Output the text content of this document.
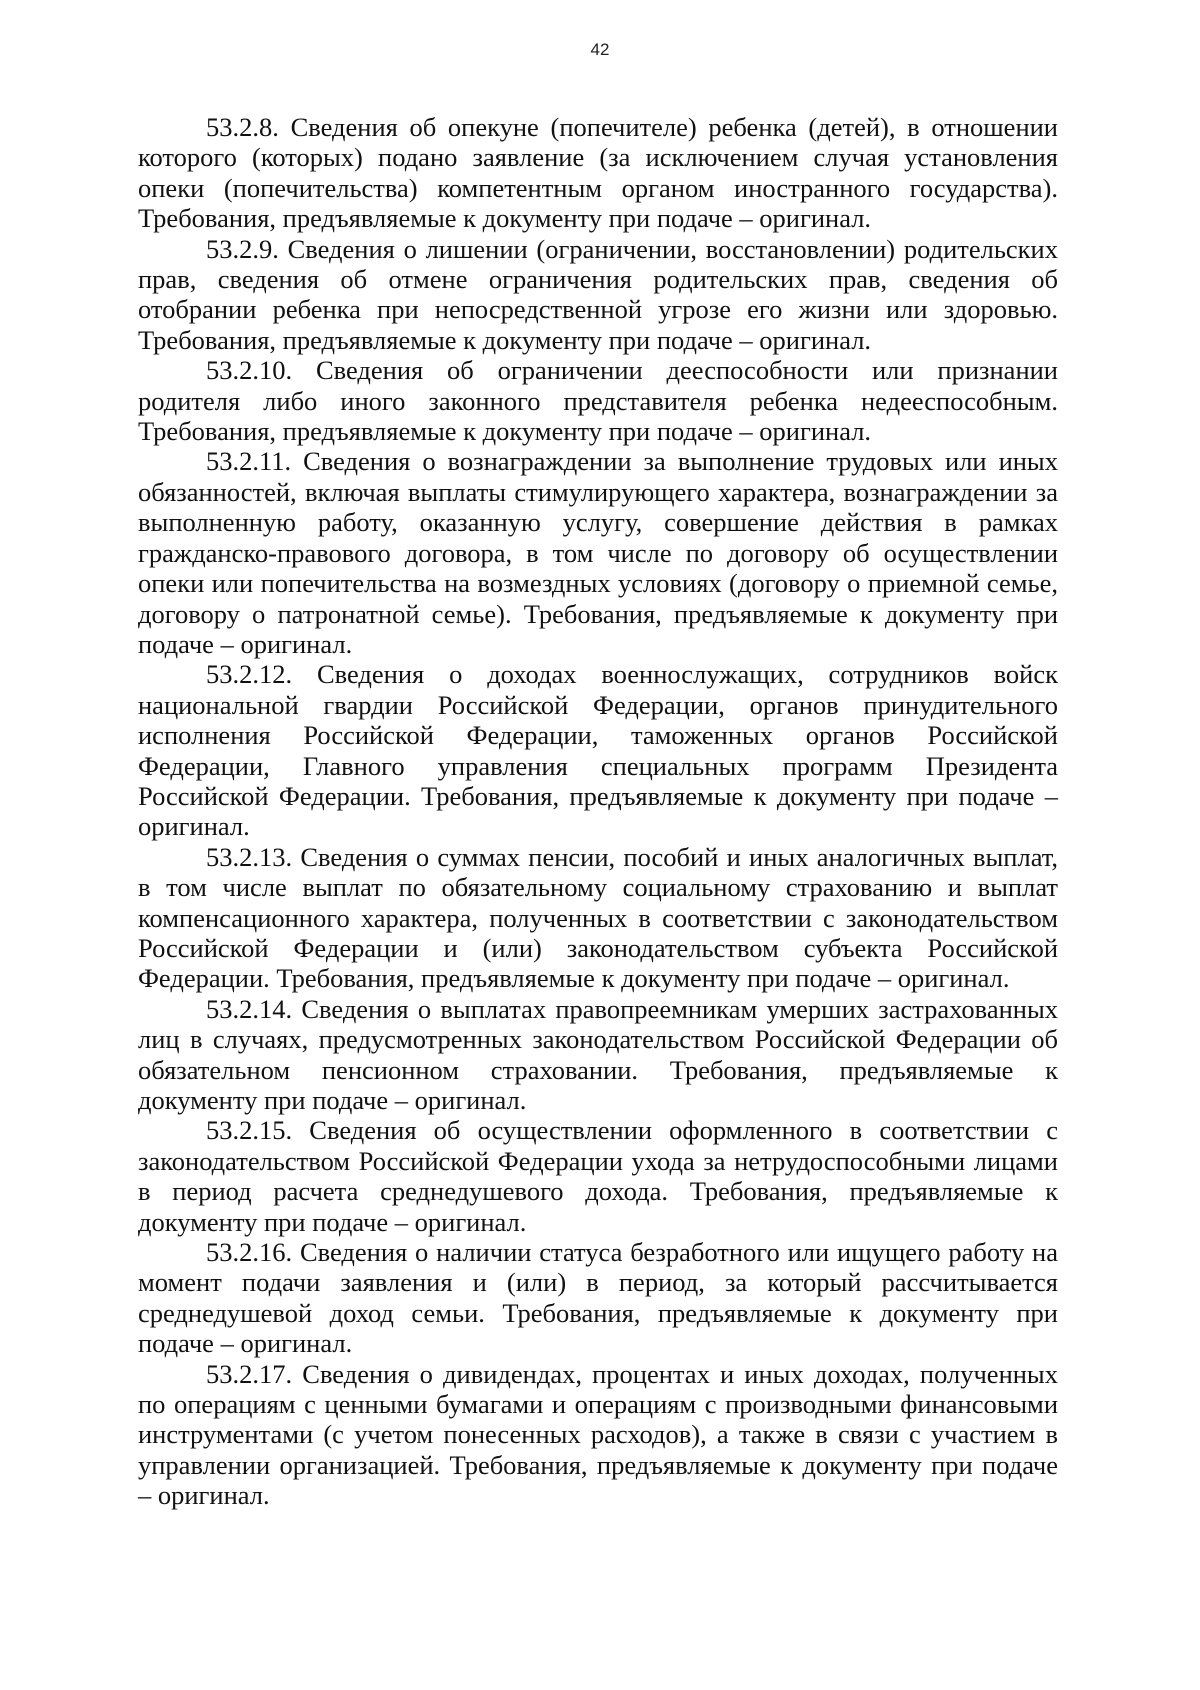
42

53.2.8. Сведения об опекуне (попечителе) ребенка (детей), в отношении которого (которых) подано заявление (за исключением случая установления опеки (попечительства) компетентным органом иностранного государства). Требования, предъявляемые к документу при подаче – оригинал.

53.2.9. Сведения о лишении (ограничении, восстановлении) родительских прав, сведения об отмене ограничения родительских прав, сведения об отобрании ребенка при непосредственной угрозе его жизни или здоровью. Требования, предъявляемые к документу при подаче – оригинал.

53.2.10. Сведения об ограничении дееспособности или признании родителя либо иного законного представителя ребенка недееспособным. Требования, предъявляемые к документу при подаче – оригинал.

53.2.11. Сведения о вознаграждении за выполнение трудовых или иных обязанностей, включая выплаты стимулирующего характера, вознаграждении за выполненную работу, оказанную услугу, совершение действия в рамках гражданско-правового договора, в том числе по договору об осуществлении опеки или попечительства на возмездных условиях (договору о приемной семье, договору о патронатной семье). Требования, предъявляемые к документу при подаче – оригинал.

53.2.12. Сведения о доходах военнослужащих, сотрудников войск национальной гвардии Российской Федерации, органов принудительного исполнения Российской Федерации, таможенных органов Российской Федерации, Главного управления специальных программ Президента Российской Федерации. Требования, предъявляемые к документу при подаче – оригинал.

53.2.13. Сведения о суммах пенсии, пособий и иных аналогичных выплат, в том числе выплат по обязательному социальному страхованию и выплат компенсационного характера, полученных в соответствии с законодательством Российской Федерации и (или) законодательством субъекта Российской Федерации. Требования, предъявляемые к документу при подаче – оригинал.

53.2.14. Сведения о выплатах правопреемникам умерших застрахованных лиц в случаях, предусмотренных законодательством Российской Федерации об обязательном пенсионном страховании. Требования, предъявляемые к документу при подаче – оригинал.

53.2.15. Сведения об осуществлении оформленного в соответствии с законодательством Российской Федерации ухода за нетрудоспособными лицами в период расчета среднедушевого дохода. Требования, предъявляемые к документу при подаче – оригинал.

53.2.16. Сведения о наличии статуса безработного или ищущего работу на момент подачи заявления и (или) в период, за который рассчитывается среднедушевой доход семьи. Требования, предъявляемые к документу при подаче – оригинал.

53.2.17. Сведения о дивидендах, процентах и иных доходах, полученных по операциям с ценными бумагами и операциям с производными финансовыми инструментами (с учетом понесенных расходов), а также в связи с участием в управлении организацией. Требования, предъявляемые к документу при подаче – оригинал.
